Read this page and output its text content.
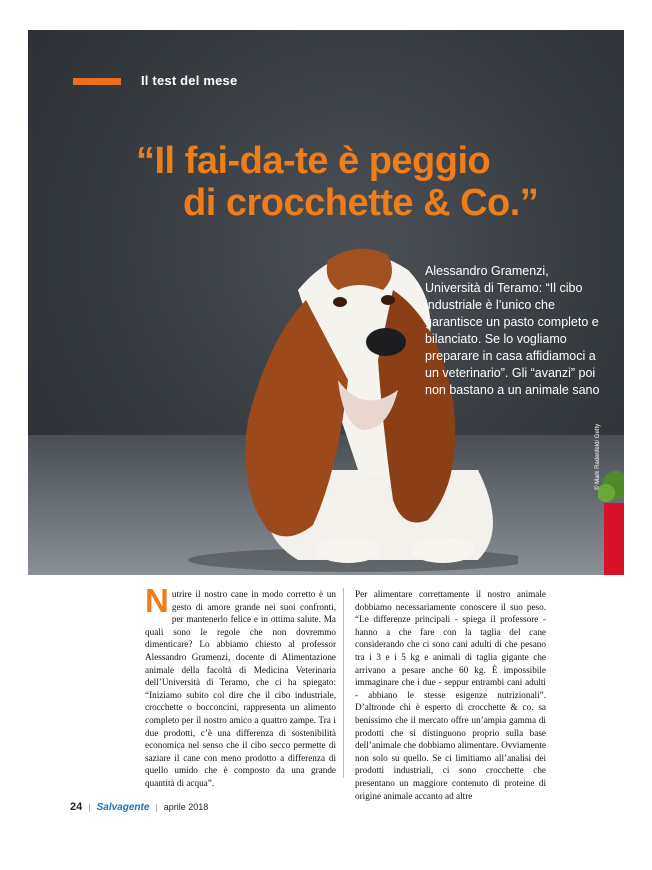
Il test del mese
“Il fai-da-te è peggio
di crocchette & Co.”
Alessandro Gramenzi, Università di Teramo: “Il cibo industriale è l’unico che garantisce un pasto completo e bilanciato. Se lo vogliamo preparare in casa affidiamoci a un veterinario”. Gli “avanzi” poi non bastano a un animale sano
© Mark Radenfeld/ Getty
N utrire il nostro cane in modo corretto è un gesto di amore grande nei suoi confronti, per mantenerlo felice e in ottima salute. Ma quali sono le regole che non dovremmo dimenticare? Lo abbiamo chiesto al professor Alessandro Gramenzi, docente di Alimentazione animale della facoltà di Medicina Veterinaria dell’Università di Teramo, che ci ha spiegato: “Iniziamo subito col dire che il cibo industriale, crocchette o bocconcini, rappresenta un alimento completo per il nostro amico a quattro zampe. Tra i due prodotti, c’è una differenza di sostenibilità economica nel senso che il cibo secco permette di saziare il cane con meno prodotto a differenza di quello umido che è composto da una grande quantità di acqua”.

Per alimentare correttamente il nostro animale dobbiamo necessariamente conoscere il suo peso. “Le differenze principali - spiega il professore - hanno a che fare con la taglia del cane considerando che ci sono cani adulti di che pesano tra i 3 e i 5 kg e animali di taglia gigante che arrivano a pesare anche 60 kg. È impossibile immaginare che i due - seppur entrambi cani adulti - abbiano le stesse esigenze nutrizionali”. D’altronde chi è esperto di crocchette & co. sa benissimo che il mercato offre un’ampia gamma di prodotti che si distinguono proprio sulla base dell’animale che dobbiamo alimentare. Ovviamente non solo su quello. Se ci limitiamo all’analisi dei prodotti industriali, ci sono crocchette che presentano un maggiore contenuto di proteine di origine animale accanto ad altre

24 | Salvagente | aprile 2018
